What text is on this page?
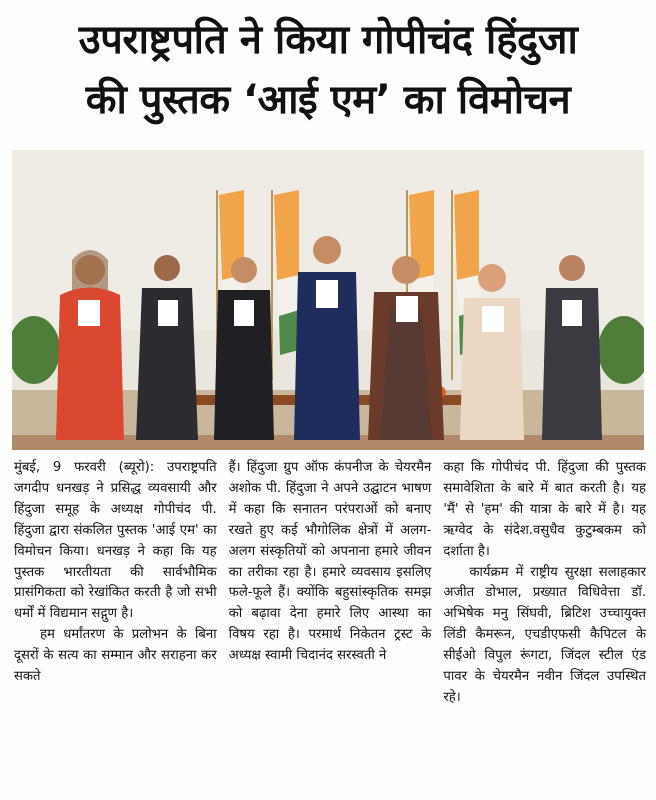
उपराष्ट्रपति ने किया गोपीचंद हिंदुजा
की पुस्तक ‘आई एम’ का विमोचन

मुंबई, 9 फरवरी (ब्यूरो): उपराष्ट्रपति जगदीप धनखड़ ने प्रसिद्ध व्यवसायी और हिंदुजा समूह के अध्यक्ष गोपीचंद पी. हिंदुजा द्वारा संकलित पुस्तक 'आई एम' का विमोचन किया। धनखड़ ने कहा कि यह पुस्तक भारतीयता की सार्वभौमिक प्रासंगिकता को रेखांकित करती है जो सभी धर्मों में विद्यमान सद्गुण है।

हम धर्मांतरण के प्रलोभन के बिना दूसरों के सत्य का सम्मान और सराहना कर सकते

हैं। हिंदुजा ग्रुप ऑफ कंपनीज के चेयरमैन अशोक पी. हिंदुजा ने अपने उद्घाटन भाषण में कहा कि सनातन परंपराओं को बनाए रखते हुए कई भौगोलिक क्षेत्रों में अलग-अलग संस्कृतियों को अपनाना हमारे जीवन का तरीका रहा है। हमारे व्यवसाय इसलिए फले-फूले हैं। क्योंकि बहुसांस्कृतिक समझ को बढ़ावा देना हमारे लिए आस्था का विषय रहा है। परमार्थ निकेतन ट्रस्ट के अध्यक्ष स्वामी चिदानंद सरस्वती ने

कहा कि गोपीचंद पी. हिंदुजा की पुस्तक समावेशिता के बारे में बात करती है। यह 'मैं' से 'हम' की यात्रा के बारे में है। यह ऋग्वेद के संदेश.वसुधैव कुटुम्बकम को दर्शाता है।

कार्यक्रम में राष्ट्रीय सुरक्षा सलाहकार अजीत डोभाल, प्रख्यात विधिवेत्ता डॉ. अभिषेक मनु सिंघवी, ब्रिटिश उच्चायुक्त लिंडी कैमरून, एचडीएफसी कैपिटल के सीईओ विपुल रूंगटा, जिंदल स्टील एंड पावर के चेयरमैन नवीन जिंदल उपस्थित रहे।
